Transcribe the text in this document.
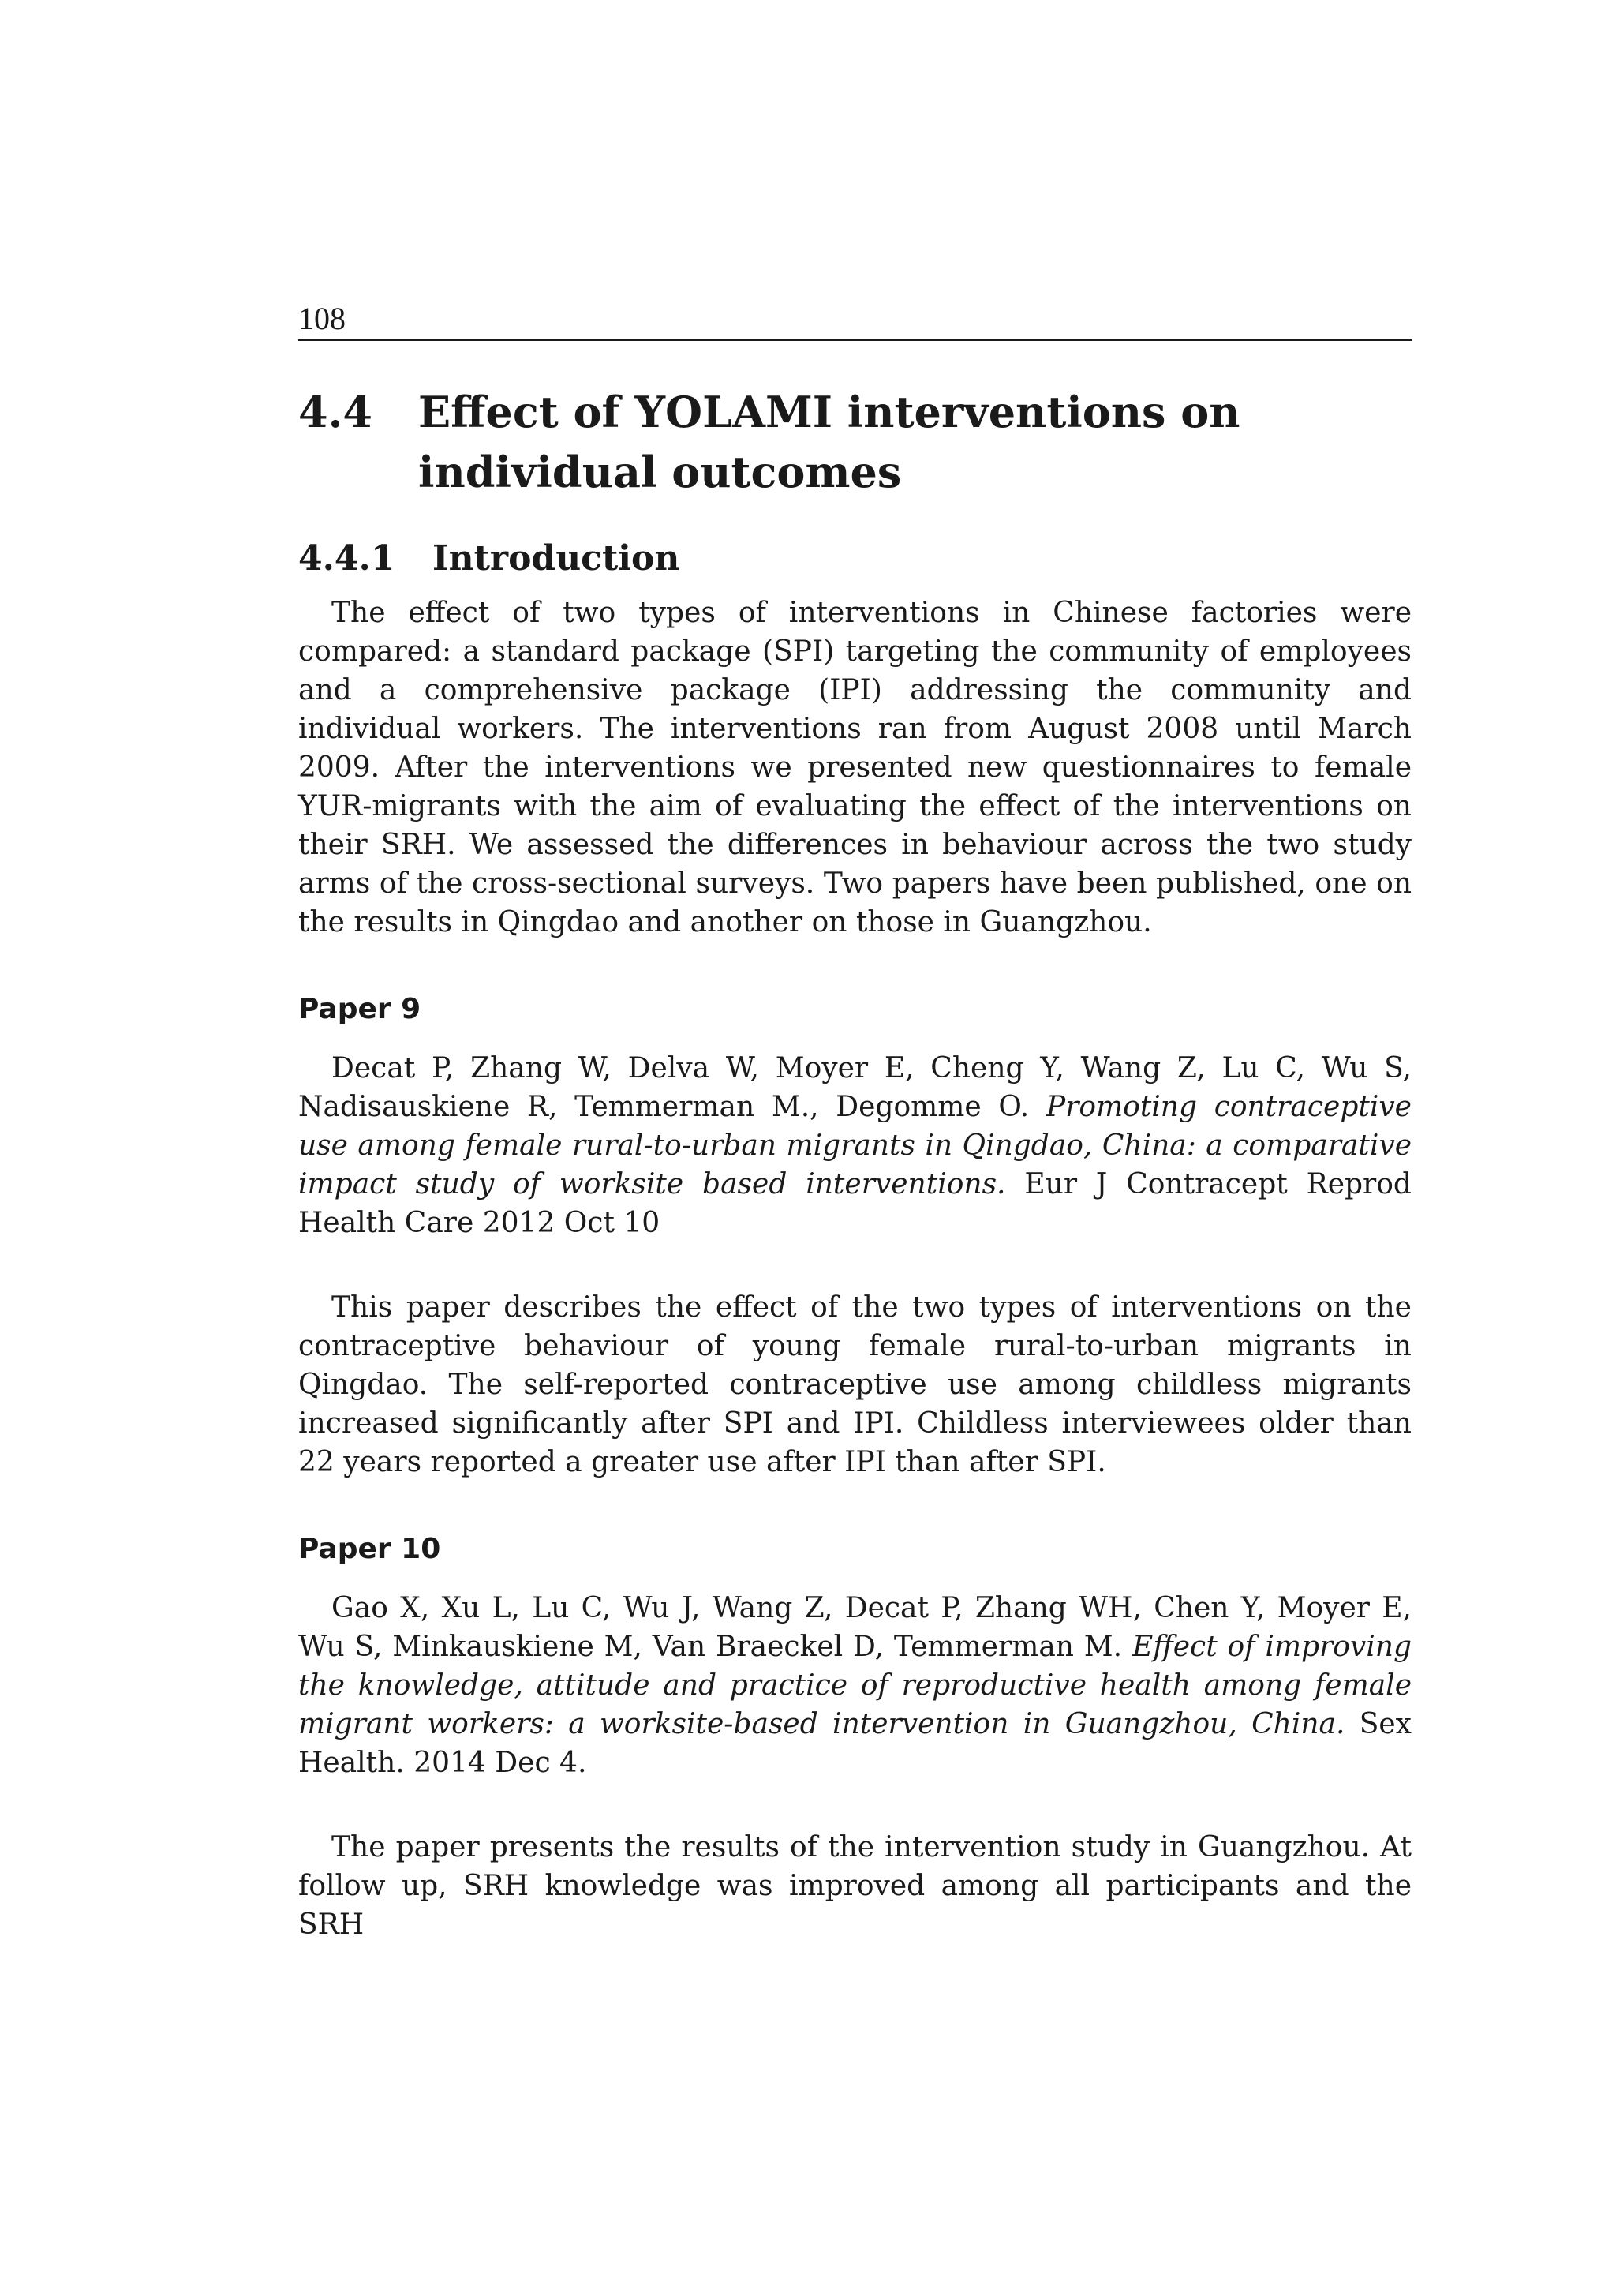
108
4.4	Effect of YOLAMI interventions on individual outcomes
4.4.1	Introduction

The effect of two types of interventions in Chinese factories were compared: a standard package (SPI) targeting the community of employees and a comprehensive package (IPI) addressing the community and individual workers. The interventions ran from August 2008 until March 2009. After the interventions we presented new questionnaires to female YUR-migrants with the aim of evaluating the effect of the interventions on their SRH. We assessed the differences in behaviour across the two study arms of the cross-sectional surveys. Two papers have been published, one on the results in Qingdao and another on those in Guangzhou.

Paper 9

Decat P, Zhang W, Delva W, Moyer E, Cheng Y, Wang Z, Lu C, Wu S, Nadisauskiene R, Temmerman M., Degomme O. Promoting contraceptive use among female rural-to-urban migrants in Qingdao, China: a comparative impact study of worksite based interventions. Eur J Contracept Reprod Health Care 2012 Oct 10

This paper describes the effect of the two types of interventions on the contraceptive behaviour of young female rural-to-urban migrants in Qingdao. The self-reported contraceptive use among childless migrants increased significantly after SPI and IPI. Childless interviewees older than 22 years reported a greater use after IPI than after SPI.

Paper 10

Gao X, Xu L, Lu C, Wu J, Wang Z, Decat P, Zhang WH, Chen Y, Moyer E, Wu S, Minkauskiene M, Van Braeckel D, Temmerman M. Effect of improving the knowledge, attitude and practice of reproductive health among female migrant workers: a worksite-based intervention in Guangzhou, China. Sex Health. 2014 Dec 4.

The paper presents the results of the intervention study in Guangzhou. At follow up, SRH knowledge was improved among all participants and the SRH
